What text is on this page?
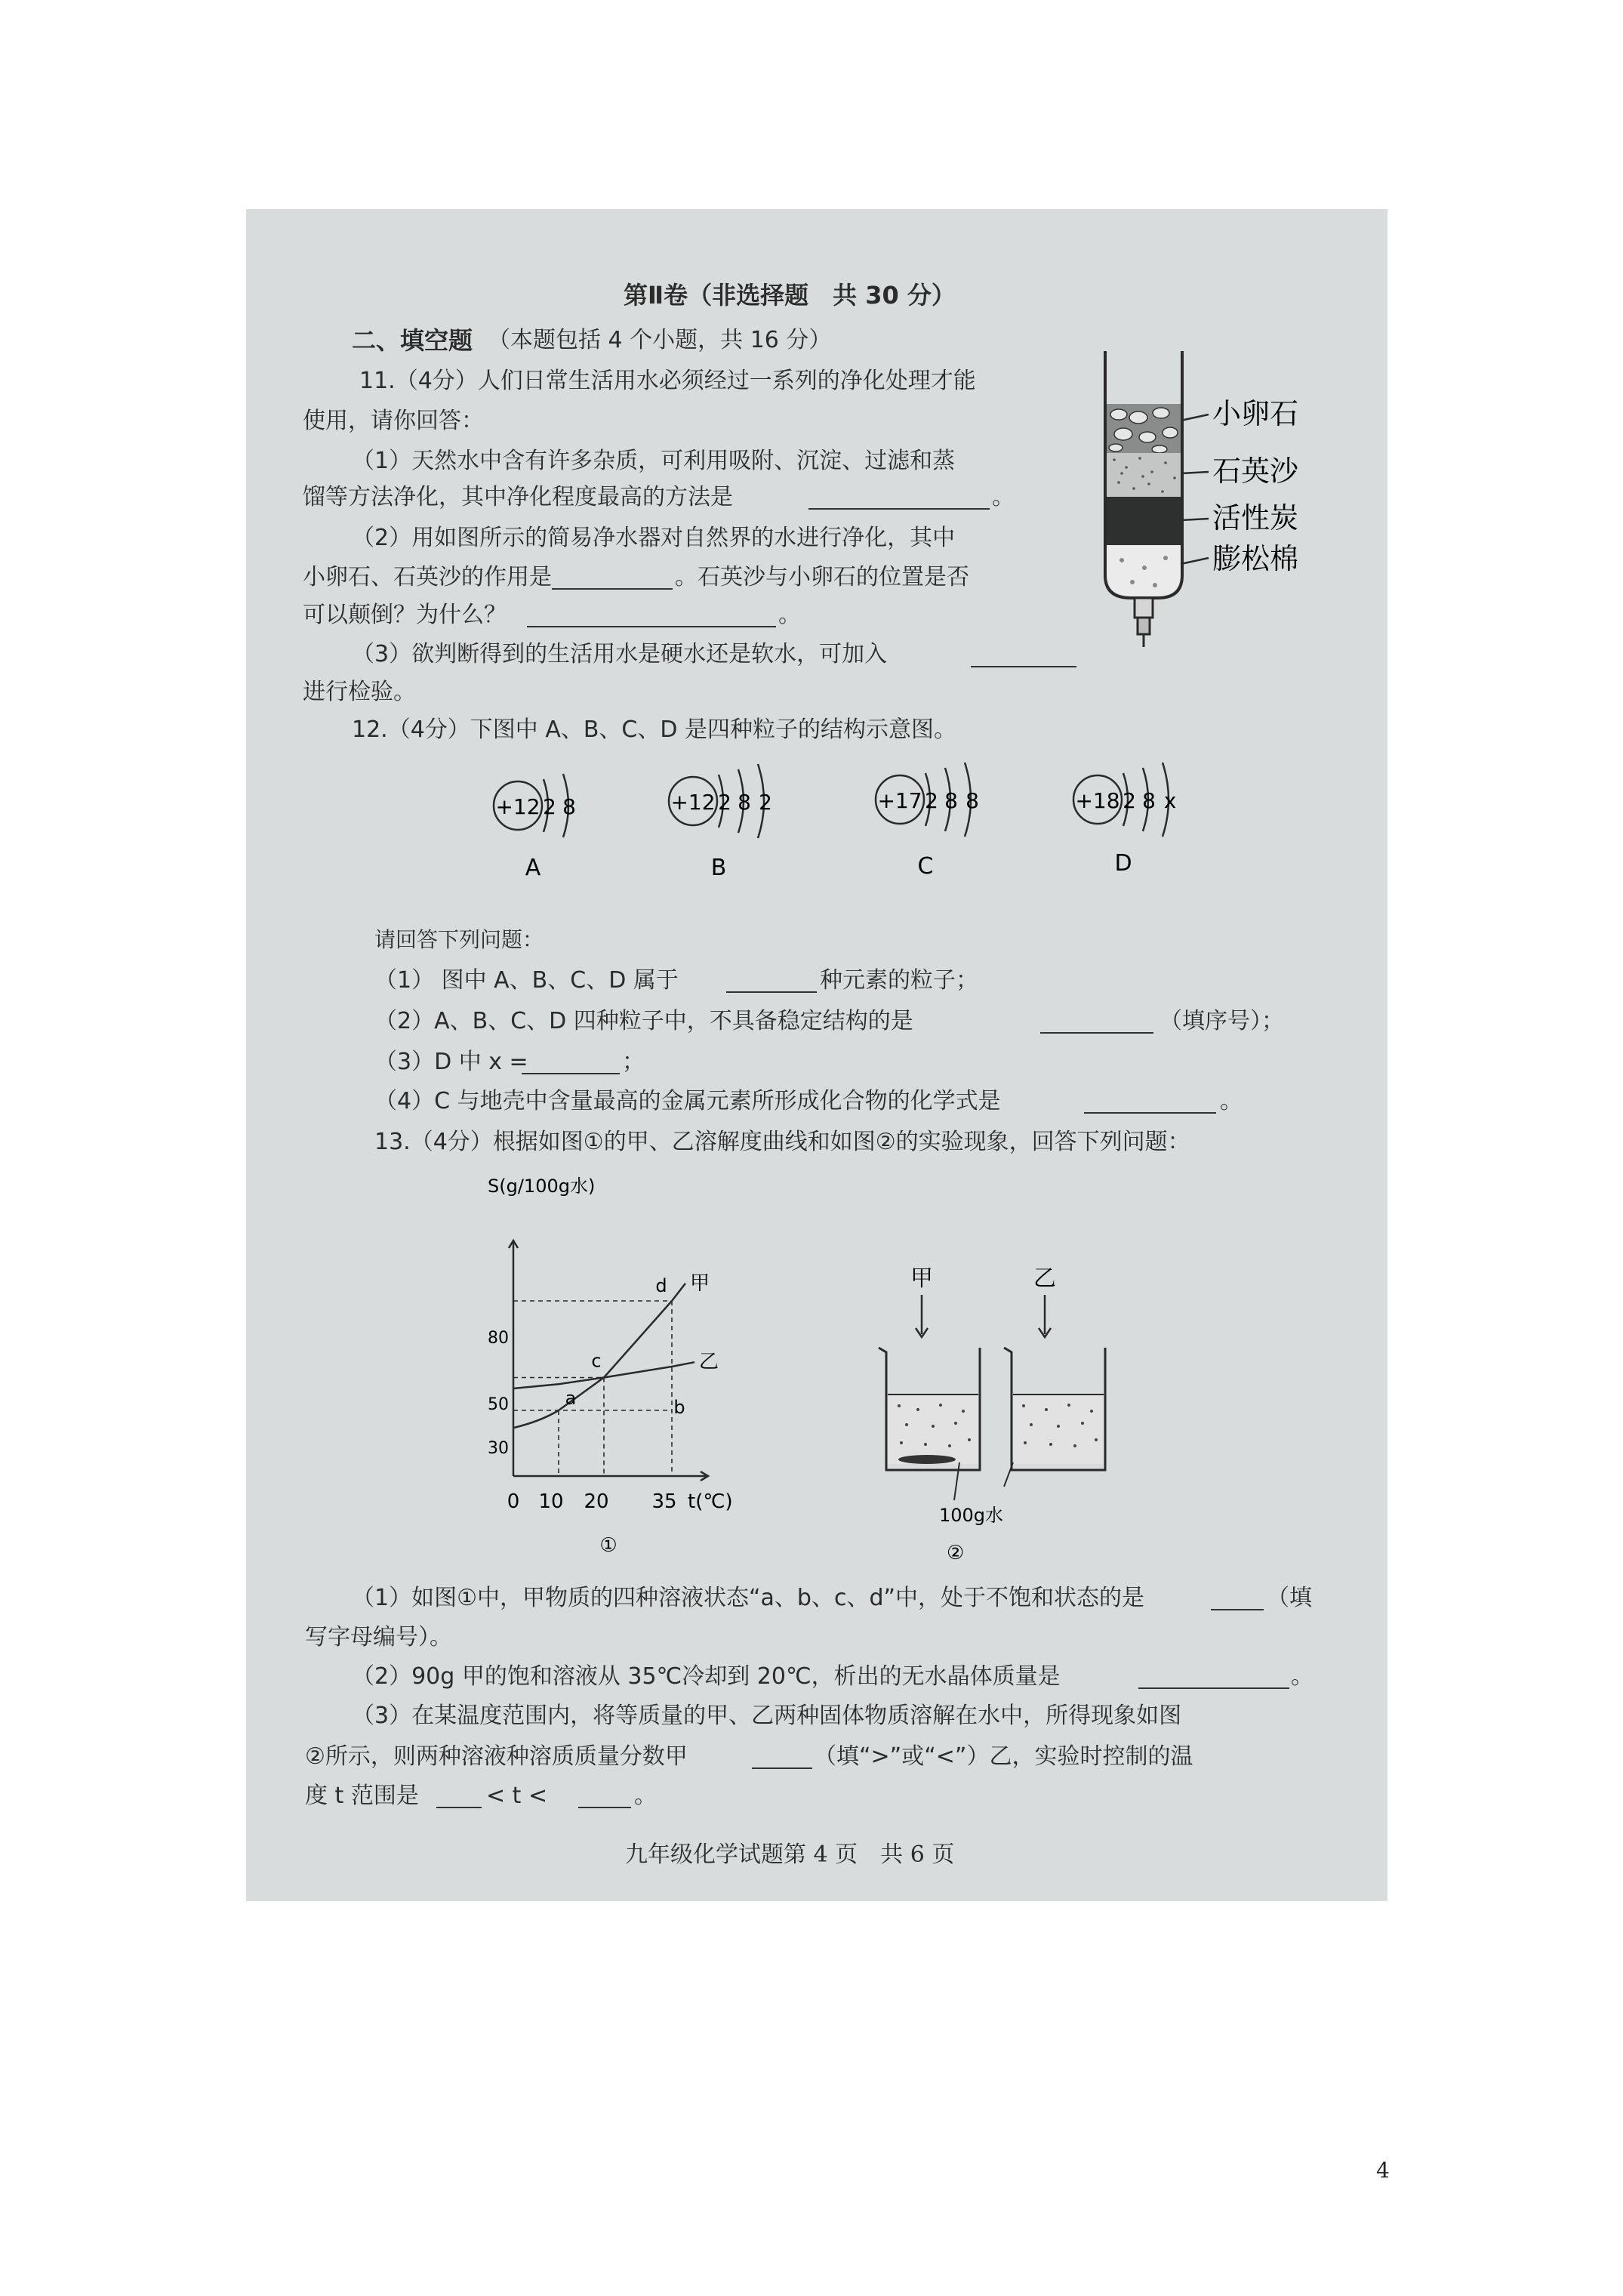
第Ⅱ卷（非选择题　共 30 分）
二、填空题 （本题包括 4 个小题，共 16 分）
11.（4分）人们日常生活用水必须经过一系列的净化处理才能
使用，请你回答：
（1）天然水中含有许多杂质，可利用吸附、沉淀、过滤和蒸
馏等方法净化，其中净化程度最高的方法是	。
（2）用如图所示的简易净水器对自然界的水进行净化，其中
小卵石、石英沙的作用是	。石英沙与小卵石的位置是否
可以颠倒？为什么？	。
（3）欲判断得到的生活用水是硬水还是软水，可加入
进行检验。
小卵石
石英沙
活性炭
膨松棉
12.（4分）下图中 A、B、C、D 是四种粒子的结构示意图。
+12 2 8
A
+12 2 8 2
B
+17 2 8 8
C
+18 2 8 x
D
请回答下列问题：
（1） 图中 A、B、C、D 属于	种元素的粒子；
（2）A、B、C、D 四种粒子中，不具备稳定结构的是	（填序号）；
（3）D 中 x =	；
（4）C 与地壳中含量最高的金属元素所形成化合物的化学式是	。
13.（4分）根据如图①的甲、乙溶解度曲线和如图②的实验现象，回答下列问题：
S(g/100g水)
t(℃)
0
30
50
80
10 20 35
①
甲
乙
a	b
c
d	甲	乙
100g水
②
（1）如图①中，甲物质的四种溶液状态“a、b、c、d”中，处于不饱和状态的是	（填
写字母编号）。
（2）90g 甲的饱和溶液从 35℃冷却到 20℃，析出的无水晶体质量是	。
（3）在某温度范围内，将等质量的甲、乙两种固体物质溶解在水中，所得现象如图
②所示，则两种溶液种溶质质量分数甲	（填“>”或“<”）乙，实验时控制的温
度 t 范围是	< t <	。
九年级化学试题第 4 页　共 6 页
4
